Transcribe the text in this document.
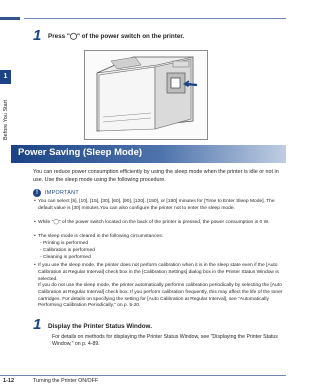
1
Before You Start
1 Press "◯" of the power switch on the printer.
Power Saving (Sleep Mode)
You can reduce power consumption efficiently by using the sleep mode when the printer is idle or not in use. Use the sleep mode using the following procedure.
!	IMPORTANT
• You can select [5], [10], [15], [30], [60], [90], [120], [150], or [180] minutes for [Time to Enter Sleep Mode]. The default value is [30] minutes.You can also configure the printer not to enter the sleep mode.
• While "◯" of the power switch located on the back of the printer is pressed, the power consumption is 0 W.
• The sleep mode is cleared in the following circumstances:
- Printing is performed
- Calibration is performed
- Cleaning is performed
• If you use the sleep mode, the printer does not perform calibration when it is in the sleep state even if the [Auto Calibration at Regular Interval] check box in the [Calibration Settings] dialog box in the Printer Status Window is selected.
If you do not use the sleep mode, the printer automatically performs calibration periodically by selecting the [Auto Calibration at Regular Interval] check box. If you perform calibration frequently, this may affect the life of the toner cartridges. For details on specifying the setting for [Auto Calibration at Regular Interval], see "Automatically Performing Calibration Periodically," on p. 5-20.
1 Display the Printer Status Window.
For details on methods for displaying the Printer Status Window, see "Displaying the Printer Status Window," on p. 4-89.
1-12	Turning the Printer ON/OFF
